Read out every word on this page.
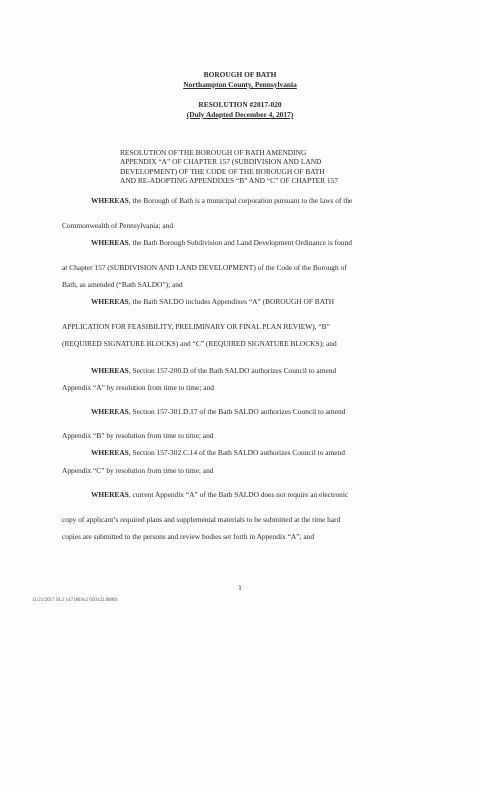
BOROUGH OF BATH
Northampton County, Pennsylvania
RESOLUTION #2017-020
(Duly Adopted December 4, 2017)
RESOLUTION OF THE BOROUGH OF BATH AMENDING
APPENDIX “A” OF CHAPTER 157 (SUBDIVISION AND LAND
DEVELOPMENT) OF THE CODE OF THE BOROUGH OF BATH
AND RE-ADOPTING APPENDIXES “B” AND “C” OF CHAPTER 157
WHEREAS, the Borough of Bath is a municipal corporation pursuant to the laws of the
Commonwealth of Pennsylvania; and
WHEREAS, the Bath Borough Subdivision and Land Development Ordinance is found
at Chapter 157 (SUBDIVISION AND LAND DEVELOPMENT) of the Code of the Borough of
Bath, as amended (“Bath SALDO”); and
WHEREAS, the Bath SALDO includes Appendixes “A” (BOROUGH OF BATH
APPLICATION FOR FEASIBILITY, PRELIMINARY OR FINAL PLAN REVIEW), “B”
(REQUIRED SIGNATURE BLOCKS) and “C” (REQUIRED SIGNATURE BLOCKS); and
WHEREAS, Section 157-200.D of the Bath SALDO authorizes Council to amend
Appendix “A” by resolution from time to time; and
WHEREAS, Section 157-301.D.17 of the Bath SALDO authorizes Council to amend
Appendix “B” by resolution from time to time; and
WHEREAS, Section 157-302.C.14 of the Bath SALDO authorizes Council to amend
Appendix “C” by resolution from time to time; and
WHEREAS, current Appendix “A” of the Bath SALDO does not require an electronic
copy of applicant’s required plans and supplemental materials to be submitted at the time hard
copies are submitted to the persons and review bodies set forth in Appendix “A”; and
1
11/21/2017 SL1 1471803v2 050122.00001
